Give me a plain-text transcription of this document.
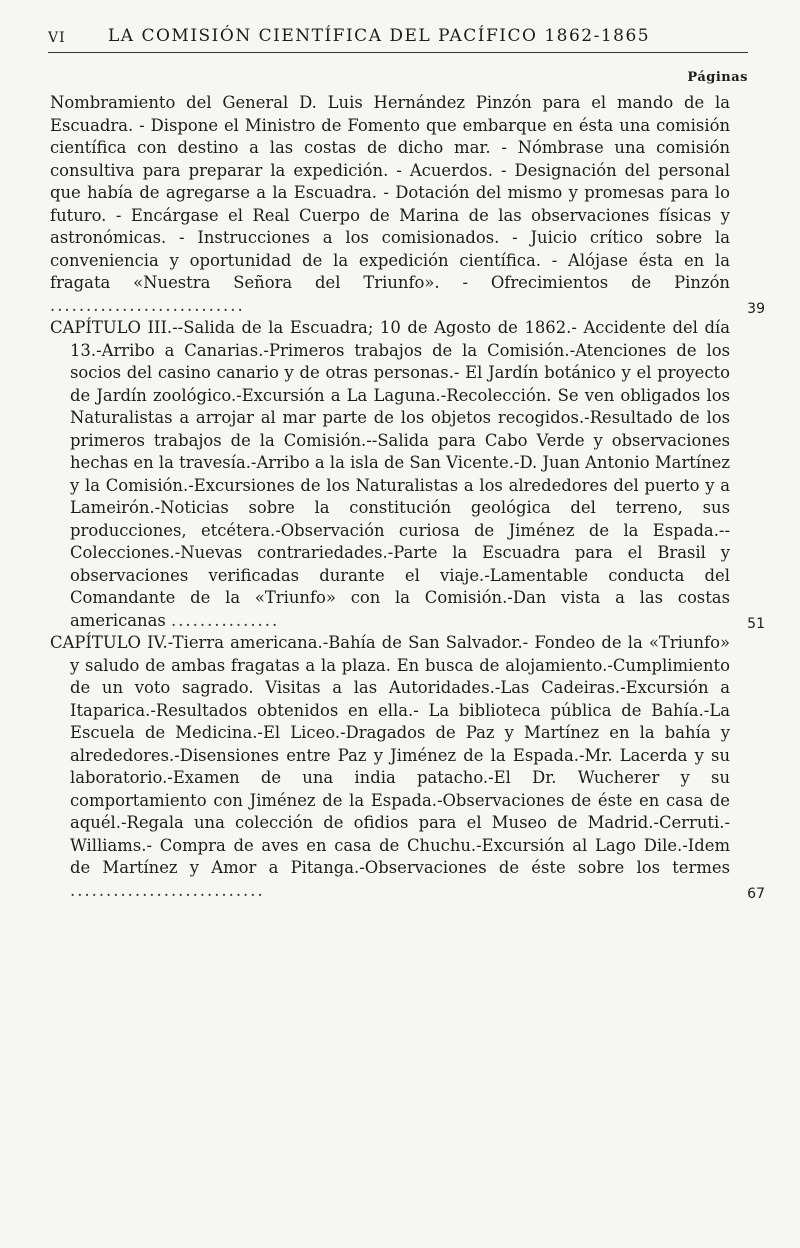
VI LA COMISIÓN CIENTÍFICA DEL PACÍFICO 1862-1865
Páginas
Nombramiento del General D. Luis Hernández Pinzón para el mando de la Escuadra. - Dispone el Ministro de Fomento que embarque en ésta una comisión científica con destino a las costas de dicho mar. - Nómbrase una comisión consultiva para preparar la expedición. - Acuerdos. - Designación del personal que había de agregarse a la Escuadra. - Dotación del mismo y promesas para lo futuro. - Encárgase el Real Cuerpo de Marina de las observaciones físicas y astronómicas. - Instrucciones a los comisionados. - Juicio crítico sobre la conveniencia y oportunidad de la expedición científica. - Alójase ésta en la fragata «Nuestra Señora del Triunfo». - Ofrecimientos de Pinzón ...........................	39
CAPÍTULO III.--Salida de la Escuadra; 10 de Agosto de 1862.- Accidente del día 13.-Arribo a Canarias.-Primeros trabajos de la Comisión.-Atenciones de los socios del casino canario y de otras personas.- El Jardín botánico y el proyecto de Jardín zoológico.-Excursión a La Laguna.-Recolección. Se ven obligados los Naturalistas a arrojar al mar parte de los objetos recogidos.-Resultado de los primeros trabajos de la Comisión.--Salida para Cabo Verde y observaciones hechas en la travesía.-Arribo a la isla de San Vicente.-D. Juan Antonio Martínez y la Comisión.-Excursiones de los Naturalistas a los alrededores del puerto y a Lameirón.-Noticias sobre la constitución geológica del terreno, sus producciones, etcétera.-Observación curiosa de Jiménez de la Espada.--Colecciones.-Nuevas contrariedades.-Parte la Escuadra para el Brasil y observaciones verificadas durante el viaje.-Lamentable conducta del Comandante de la «Triunfo» con la Comisión.-Dan vista a las costas americanas ...............	51
CAPÍTULO IV.-Tierra americana.-Bahía de San Salvador.- Fondeo de la «Triunfo» y saludo de ambas fragatas a la plaza. En busca de alojamiento.-Cumplimiento de un voto sagrado. Visitas a las Autoridades.-Las Cadeiras.-Excursión a Itaparica.-Resultados obtenidos en ella.- La biblioteca pública de Bahía.-La Escuela de Medicina.-El Liceo.-Dragados de Paz y Martínez en la bahía y alrededores.-Disensiones entre Paz y Jiménez de la Espada.-Mr. Lacerda y su laboratorio.-Examen de una india patacho.-El Dr. Wucherer y su comportamiento con Jiménez de la Espada.-Observaciones de éste en casa de aquél.-Regala una colección de ofidios para el Museo de Madrid.-Cerruti.-Williams.- Compra de aves en casa de Chuchu.-Excursión al Lago Dile.-Idem de Martínez y Amor a Pitanga.-Observaciones de éste sobre los termes ...........................	67
